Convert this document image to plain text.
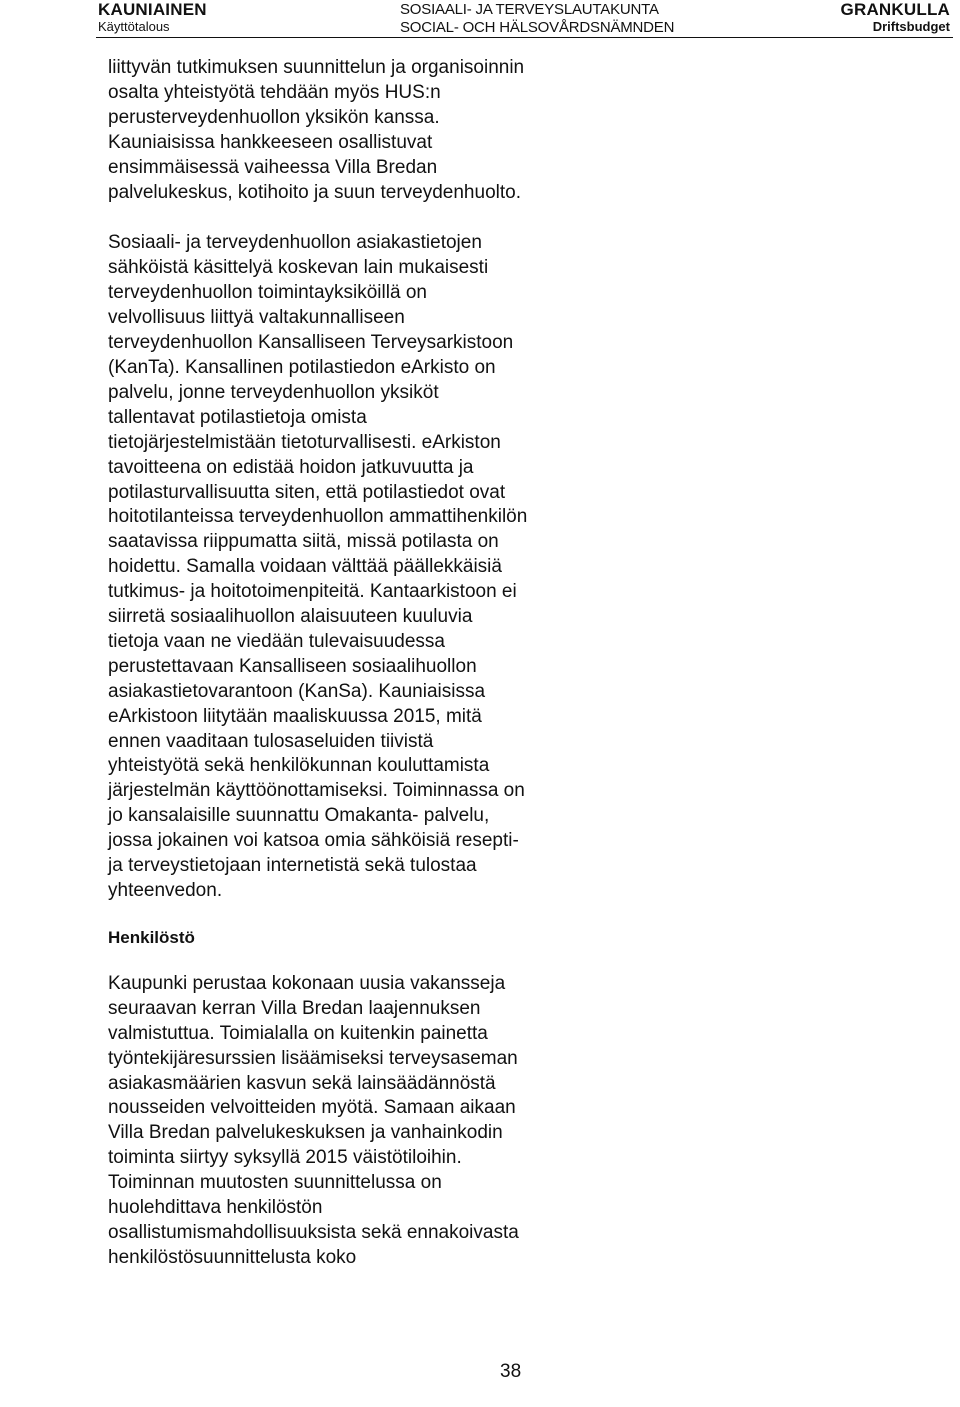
KAUNIAINEN
Käyttötalous
SOSIAALI- JA TERVEYSLAUTAKUNTA
SOCIAL- OCH HÄLSOVÅRDSNÄMNDEN
GRANKULLA
Driftsbudget

liittyvän tutkimuksen suunnittelun ja organisoinnin osalta yhteistyötä tehdään myös HUS:n perusterveydenhuollon yksikön kanssa. Kauniaisissa hankkeeseen osallistuvat ensimmäisessä vaiheessa Villa Bredan palvelukeskus, kotihoito ja suun terveydenhuolto.

Sosiaali- ja terveydenhuollon asiakastietojen sähköistä käsittelyä koskevan lain mukaisesti terveydenhuollon toimintayksiköillä on velvollisuus liittyä valtakunnalliseen terveydenhuollon Kansalliseen Terveysarkistoon (KanTa). Kansallinen potilastiedon eArkisto on palvelu, jonne terveydenhuollon yksiköt tallentavat potilastietoja omista tietojärjestelmistään tietoturvallisesti. eArkiston tavoitteena on edistää hoidon jatkuvuutta ja potilasturvallisuutta siten, että potilastiedot ovat hoitotilanteissa terveydenhuollon ammattihenkilön saatavissa riippumatta siitä, missä potilasta on hoidettu. Samalla voidaan välttää päällekkäisiä tutkimus- ja hoitotoimenpiteitä. Kantaarkistoon ei siirretä sosiaalihuollon alaisuuteen kuuluvia tietoja vaan ne viedään tulevaisuudessa perustettavaan Kansalliseen sosiaalihuollon asiakastietovarantoon (KanSa). Kauniaisissa eArkistoon liitytään maaliskuussa 2015, mitä ennen vaaditaan tulosaseluiden tiivistä yhteistyötä sekä henkilökunnan kouluttamista järjestelmän käyttöönottamiseksi. Toiminnassa on jo kansalaisille suunnattu Omakanta- palvelu, jossa jokainen voi katsoa omia sähköisiä resepti- ja terveystietojaan internetistä sekä tulostaa yhteenvedon.

Henkilöstö

Kaupunki perustaa kokonaan uusia vakansseja seuraavan kerran Villa Bredan laajennuksen valmistuttua. Toimialalla on kuitenkin painetta työntekijäresurssien lisäämiseksi terveysaseman asiakasmäärien kasvun sekä lainsäädännöstä nousseiden velvoitteiden myötä. Samaan aikaan Villa Bredan palvelukeskuksen ja vanhainkodin toiminta siirtyy syksyllä 2015 väistötiloihin. Toiminnan muutosten suunnittelussa on huolehdittava henkilöstön osallistumismahdollisuuksista sekä ennakoivasta henkilöstösuunnittelusta koko

38
